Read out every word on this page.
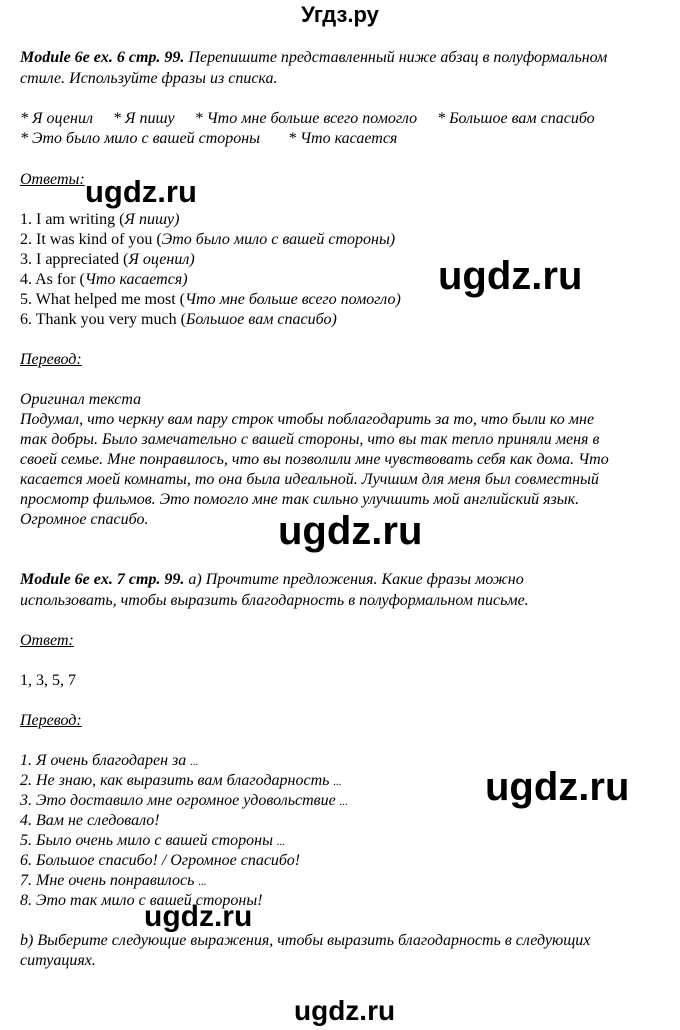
Угдз.ру
Module 6e ex. 6 стр. 99. Перепишите представленный ниже абзац в полуформальном
стиле. Используйте фразы из списка.
* Я оценил     * Я пишу     * Что мне больше всего помогло     * Большое вам спасибо
* Это было мило с вашей стороны       * Что касается
Ответы:
1. I am writing (Я пишу)
2. It was kind of you (Это было мило с вашей стороны)
3. I appreciated (Я оценил)
4. As for (Что касается)
5. What helped me most (Что мне больше всего помогло)
6. Thank you very much (Большое вам спасибо)
Перевод:
Оригинал текста
Подумал, что черкну вам пару строк чтобы поблагодарить за то, что были ко мне
так добры. Было замечательно с вашей стороны, что вы так тепло приняли меня в
своей семье. Мне понравилось, что вы позволили мне чувствовать себя как дома. Что
касается моей комнаты, то она была идеальной. Лучшим для меня был совместный
просмотр фильмов. Это помогло мне так сильно улучшить мой английский язык.
Огромное спасибо.
Module 6e ex. 7 стр. 99. а) Прочтите предложения. Какие фразы можно
использовать, чтобы выразить благодарность в полуформальном письме.
Ответ:
1, 3, 5, 7
Перевод:
1. Я очень благодарен за ...
2. Не знаю, как выразить вам благодарность ...
3. Это доставило мне огромное удовольствие ...
4. Вам не следовало!
5. Было очень мило с вашей стороны ...
6. Большое спасибо! / Огромное спасибо!
7. Мне очень понравилось ...
8. Это так мило с вашей стороны!
b) Выберите следующие выражения, чтобы выразить благодарность в следующих
ситуациях.
ugdz.ru
ugdz.ru
ugdz.ru
ugdz.ru
ugdz.ru
ugdz.ru
